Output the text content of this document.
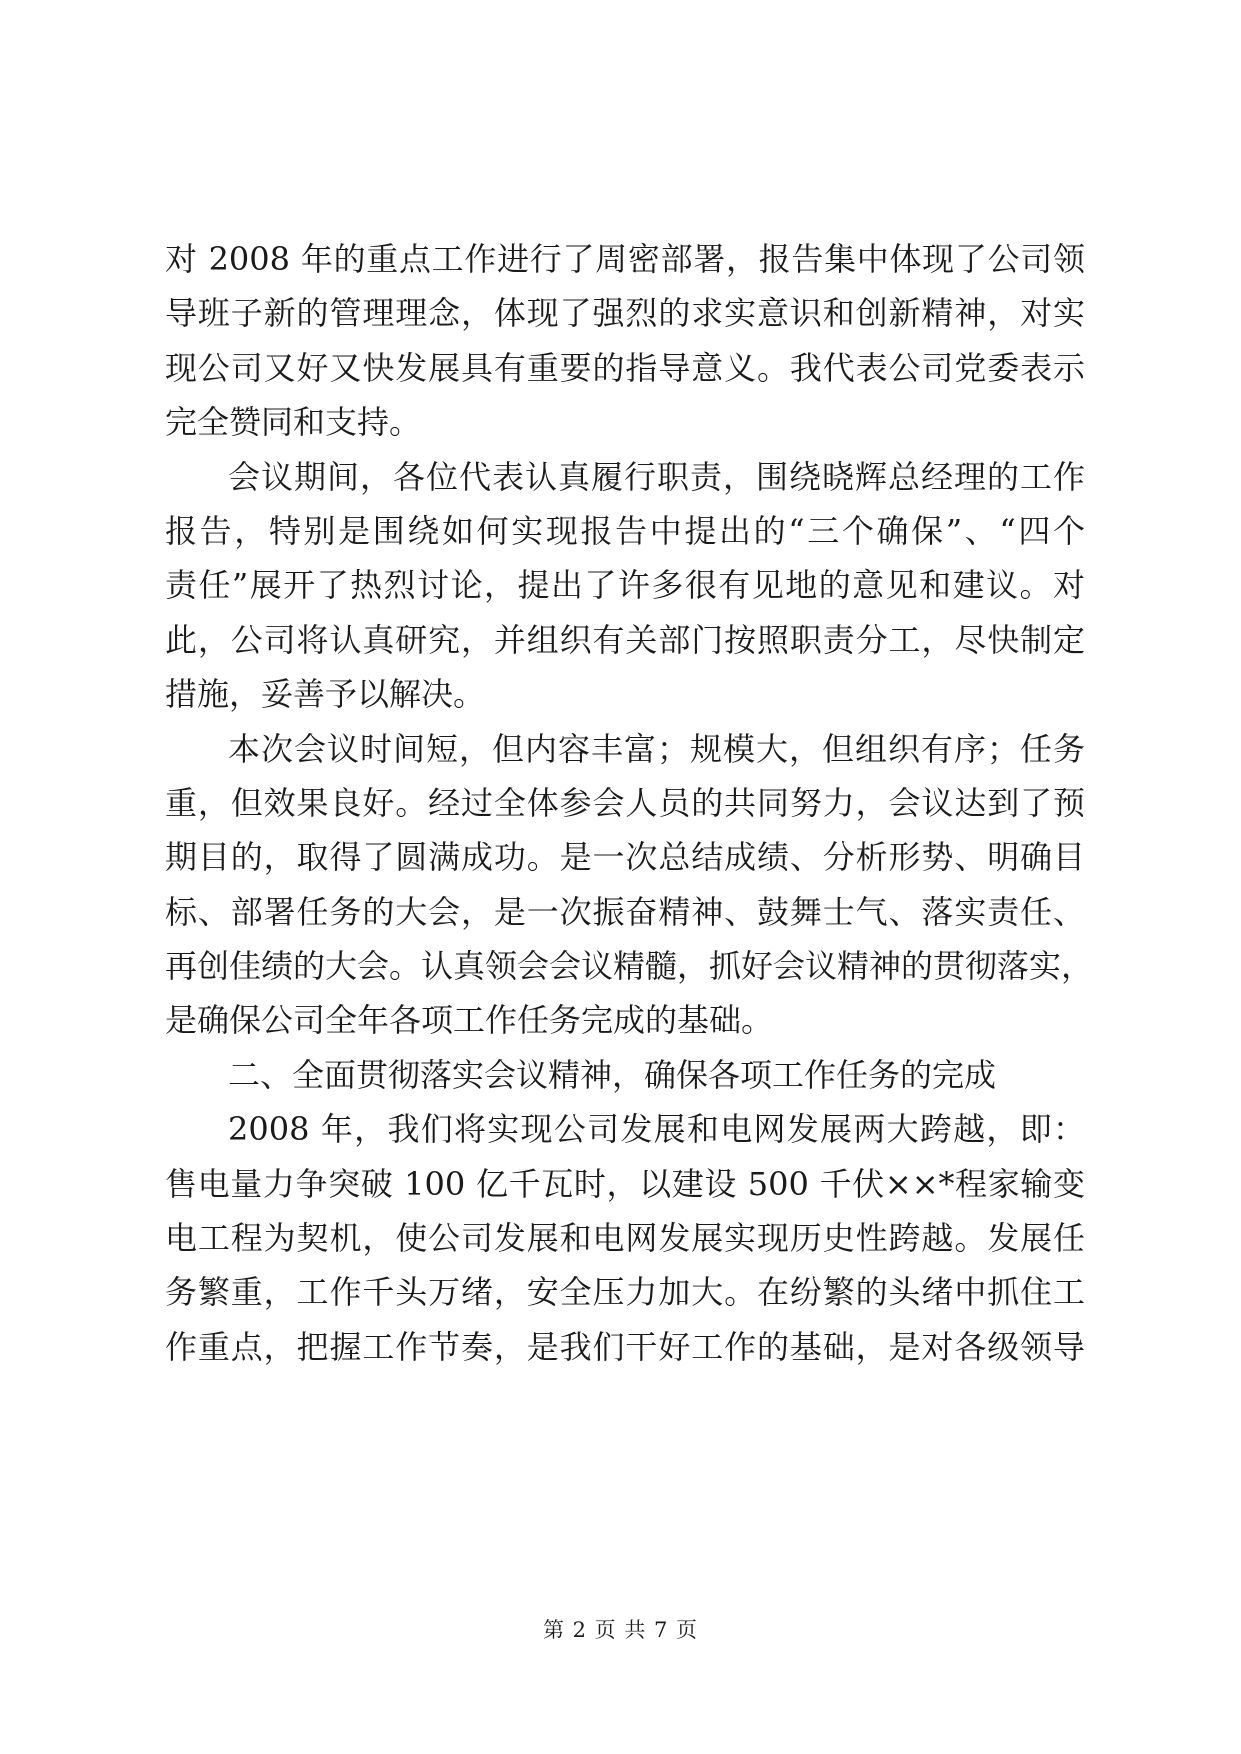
对 2008 年的重点工作进行了周密部署，报告集中体现了公司领
导班子新的管理理念，体现了强烈的求实意识和创新精神，对实
现公司又好又快发展具有重要的指导意义。我代表公司党委表示
完全赞同和支持。
会议期间，各位代表认真履行职责，围绕晓辉总经理的工作
报告，特别是围绕如何实现报告中提出的“三个确保”、“四个
责任”展开了热烈讨论，提出了许多很有见地的意见和建议。对
此，公司将认真研究，并组织有关部门按照职责分工，尽快制定
措施，妥善予以解决。
本次会议时间短，但内容丰富；规模大，但组织有序；任务
重，但效果良好。经过全体参会人员的共同努力，会议达到了预
期目的，取得了圆满成功。是一次总结成绩、分析形势、明确目
标、部署任务的大会，是一次振奋精神、鼓舞士气、落实责任、
再创佳绩的大会。认真领会会议精髓，抓好会议精神的贯彻落实，
是确保公司全年各项工作任务完成的基础。
二、全面贯彻落实会议精神，确保各项工作任务的完成
2008 年，我们将实现公司发展和电网发展两大跨越，即：
售电量力争突破 100 亿千瓦时，以建设 500 千伏××*程家输变
电工程为契机，使公司发展和电网发展实现历史性跨越。发展任
务繁重，工作千头万绪，安全压力加大。在纷繁的头绪中抓住工
作重点，把握工作节奏，是我们干好工作的基础，是对各级领导
第 2 页 共 7 页
